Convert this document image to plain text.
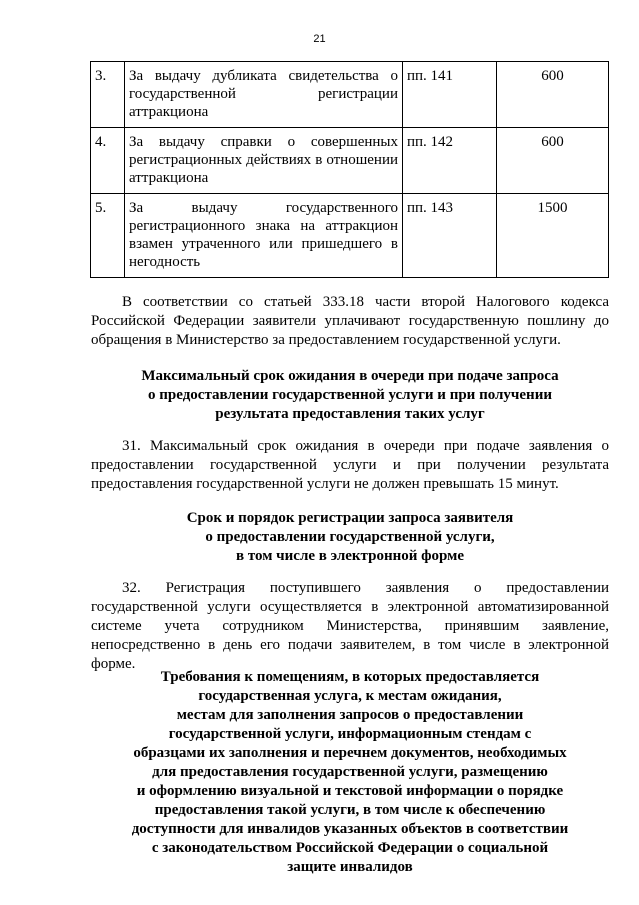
21
3.	За выдачу дубликата свидетельства о государственной регистрации аттракциона	пп. 141	600
4.	За выдачу справки о совершенных регистрационных действиях в отношении аттракциона	пп. 142	600
5.	За выдачу государственного регистрационного знака на аттракцион взамен утраченного или пришедшего в негодность	пп. 143	1500

В соответствии со статьей 333.18 части второй Налогового кодекса Российской Федерации заявители уплачивают государственную пошлину до обращения в Министерство за предоставлением государственной услуги.

Максимальный срок ожидания в очереди при подаче запроса
о предоставлении государственной услуги и при получении
результата предоставления таких услуг

31. Максимальный срок ожидания в очереди при подаче заявления о предоставлении государственной услуги и при получении результата предоставления государственной услуги не должен превышать 15 минут.

Срок и порядок регистрации запроса заявителя
о предоставлении государственной услуги,
в том числе в электронной форме

32. Регистрация поступившего заявления о предоставлении государственной услуги осуществляется в электронной автоматизированной системе учета сотрудником Министерства, принявшим заявление, непосредственно в день его подачи заявителем, в том числе в электронной форме.

Требования к помещениям, в которых предоставляется
государственная услуга, к местам ожидания,
местам для заполнения запросов о предоставлении
государственной услуги, информационным стендам с
образцами их заполнения и перечнем документов, необходимых
для предоставления государственной услуги, размещению
и оформлению визуальной и текстовой информации о порядке
предоставления такой услуги, в том числе к обеспечению
доступности для инвалидов указанных объектов в соответствии
с законодательством Российской Федерации о социальной
защите инвалидов
